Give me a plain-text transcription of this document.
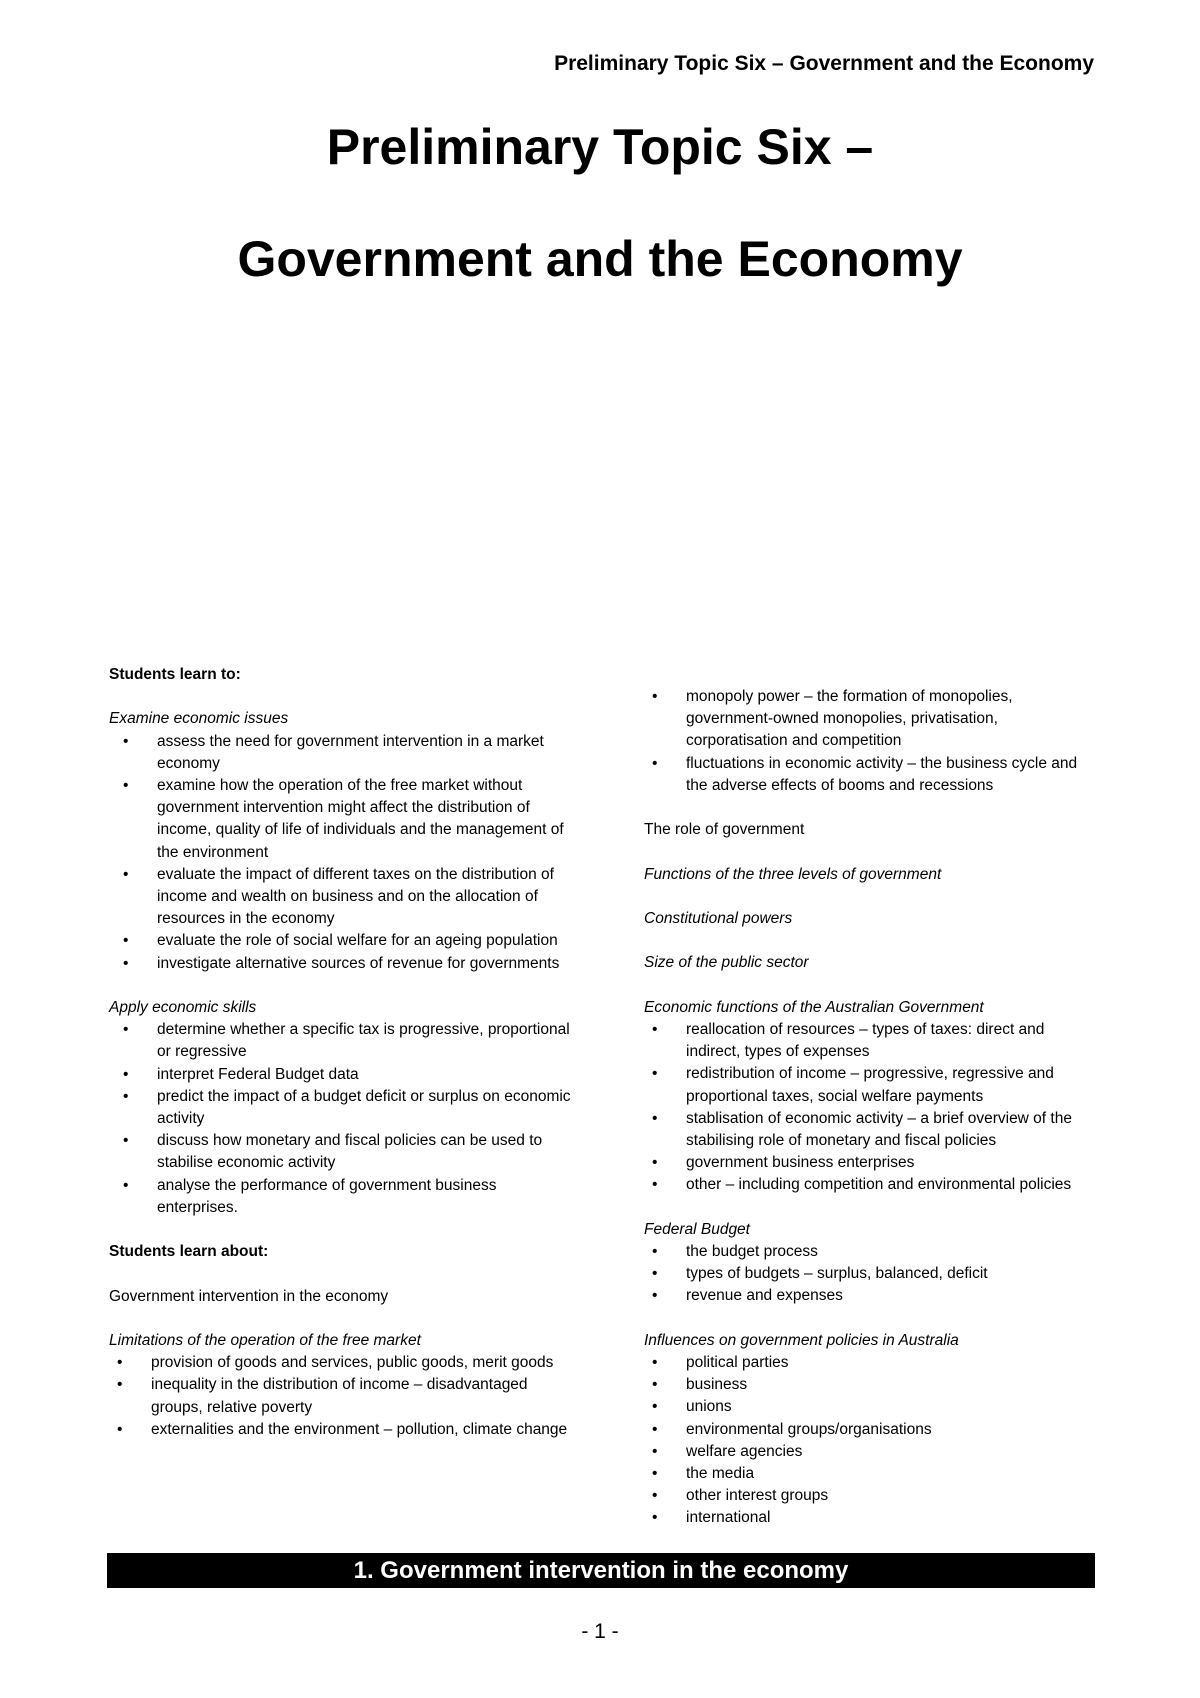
Preliminary Topic Six – Government and the Economy
Preliminary Topic Six –
Government and the Economy
Students learn to:
Examine economic issues
• assess the need for government intervention in a market economy
• examine how the operation of the free market without government intervention might affect the distribution of income, quality of life of individuals and the management of the environment
• evaluate the impact of different taxes on the distribution of income and wealth on business and on the allocation of resources in the economy
• evaluate the role of social welfare for an ageing population
• investigate alternative sources of revenue for governments
Apply economic skills
• determine whether a specific tax is progressive, proportional or regressive
• interpret Federal Budget data
• predict the impact of a budget deficit or surplus on economic activity
• discuss how monetary and fiscal policies can be used to stabilise economic activity
• analyse the performance of government business enterprises.
Students learn about:
Government intervention in the economy
Limitations of the operation of the free market
• provision of goods and services, public goods, merit goods
• inequality in the distribution of income – disadvantaged groups, relative poverty
• externalities and the environment – pollution, climate change
• monopoly power – the formation of monopolies, government-owned monopolies, privatisation, corporatisation and competition
• fluctuations in economic activity – the business cycle and the adverse effects of booms and recessions
The role of government
Functions of the three levels of government
Constitutional powers
Size of the public sector
Economic functions of the Australian Government
• reallocation of resources – types of taxes: direct and indirect, types of expenses
• redistribution of income – progressive, regressive and proportional taxes, social welfare payments
• stablisation of economic activity – a brief overview of the stabilising role of monetary and fiscal policies
• government business enterprises
• other – including competition and environmental policies
Federal Budget
• the budget process
• types of budgets – surplus, balanced, deficit
• revenue and expenses
Influences on government policies in Australia
• political parties
• business
• unions
• environmental groups/organisations
• welfare agencies
• the media
• other interest groups
• international
1. Government intervention in the economy
- 1 -
